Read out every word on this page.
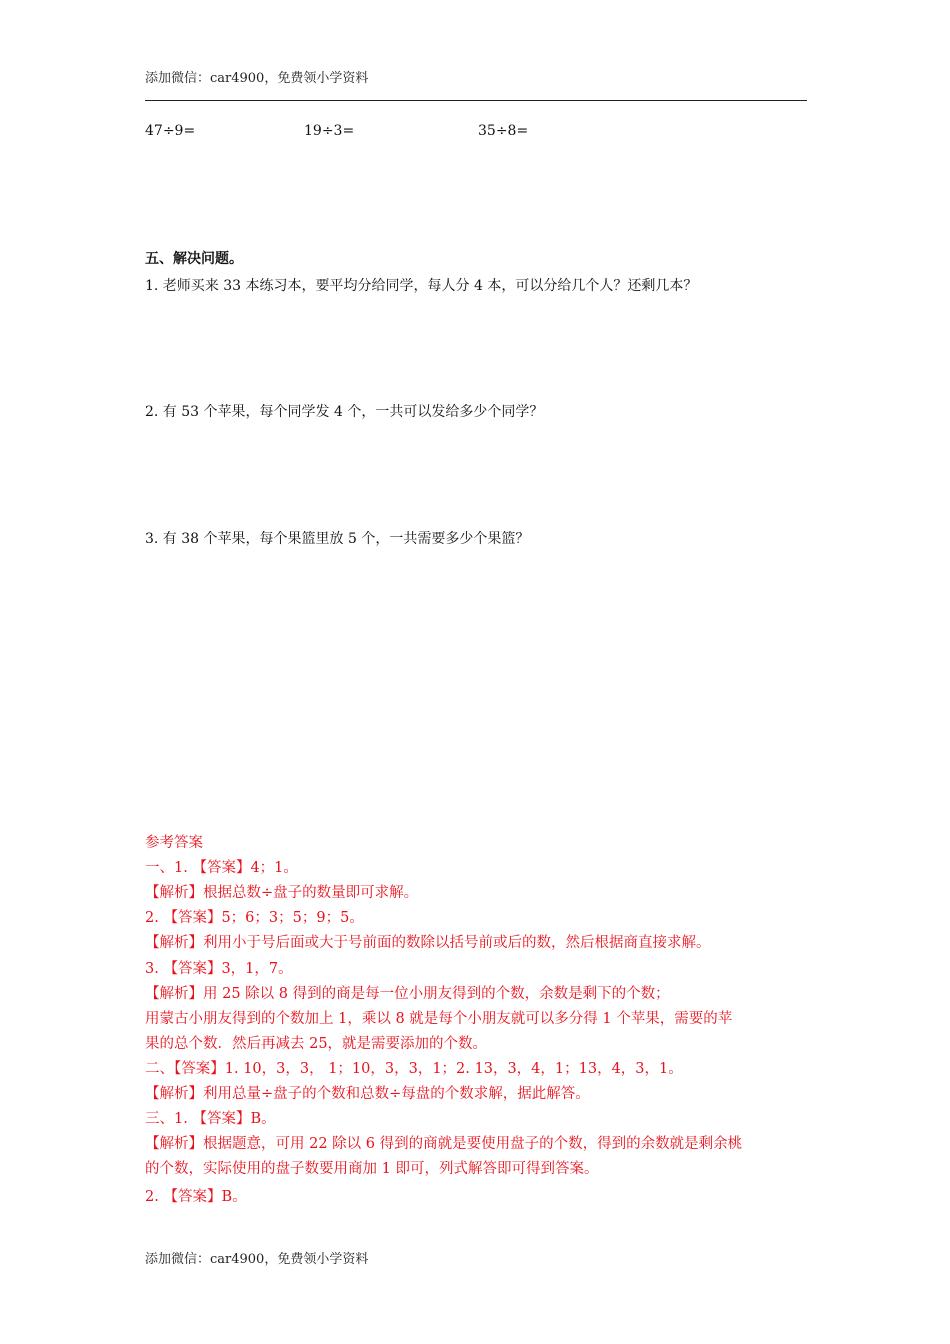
添加微信：car4900，免费领小学资料
47÷9=	19÷3=	35÷8=
五、解决问题。
1. 老师买来 33 本练习本，要平均分给同学，每人分 4 本，可以分给几个人？还剩几本？
2. 有 53 个苹果，每个同学发 4 个，一共可以发给多少个同学？
3. 有 38 个苹果，每个果篮里放 5 个，一共需要多少个果篮？
参考答案
一、1. 【答案】4；1。
【解析】根据总数÷盘子的数量即可求解。
2. 【答案】5；6；3；5；9；5。
【解析】利用小于号后面或大于号前面的数除以括号前或后的数，然后根据商直接求解。
3. 【答案】3，1，7。
【解析】用 25 除以 8 得到的商是每一位小朋友得到的个数，余数是剩下的个数；
用蒙古小朋友得到的个数加上 1，乘以 8 就是每个小朋友就可以多分得 1 个苹果，需要的苹
果的总个数．然后再减去 25，就是需要添加的个数。
二、【答案】1. 10，3，3， 1；10，3，3，1；2. 13，3，4，1；13，4，3，1。
【解析】利用总量÷盘子的个数和总数÷每盘的个数求解，据此解答。
三、1. 【答案】B。
【解析】根据题意，可用 22 除以 6 得到的商就是要使用盘子的个数，得到的余数就是剩余桃
的个数，实际使用的盘子数要用商加 1 即可，列式解答即可得到答案。
2. 【答案】B。
添加微信：car4900，免费领小学资料
